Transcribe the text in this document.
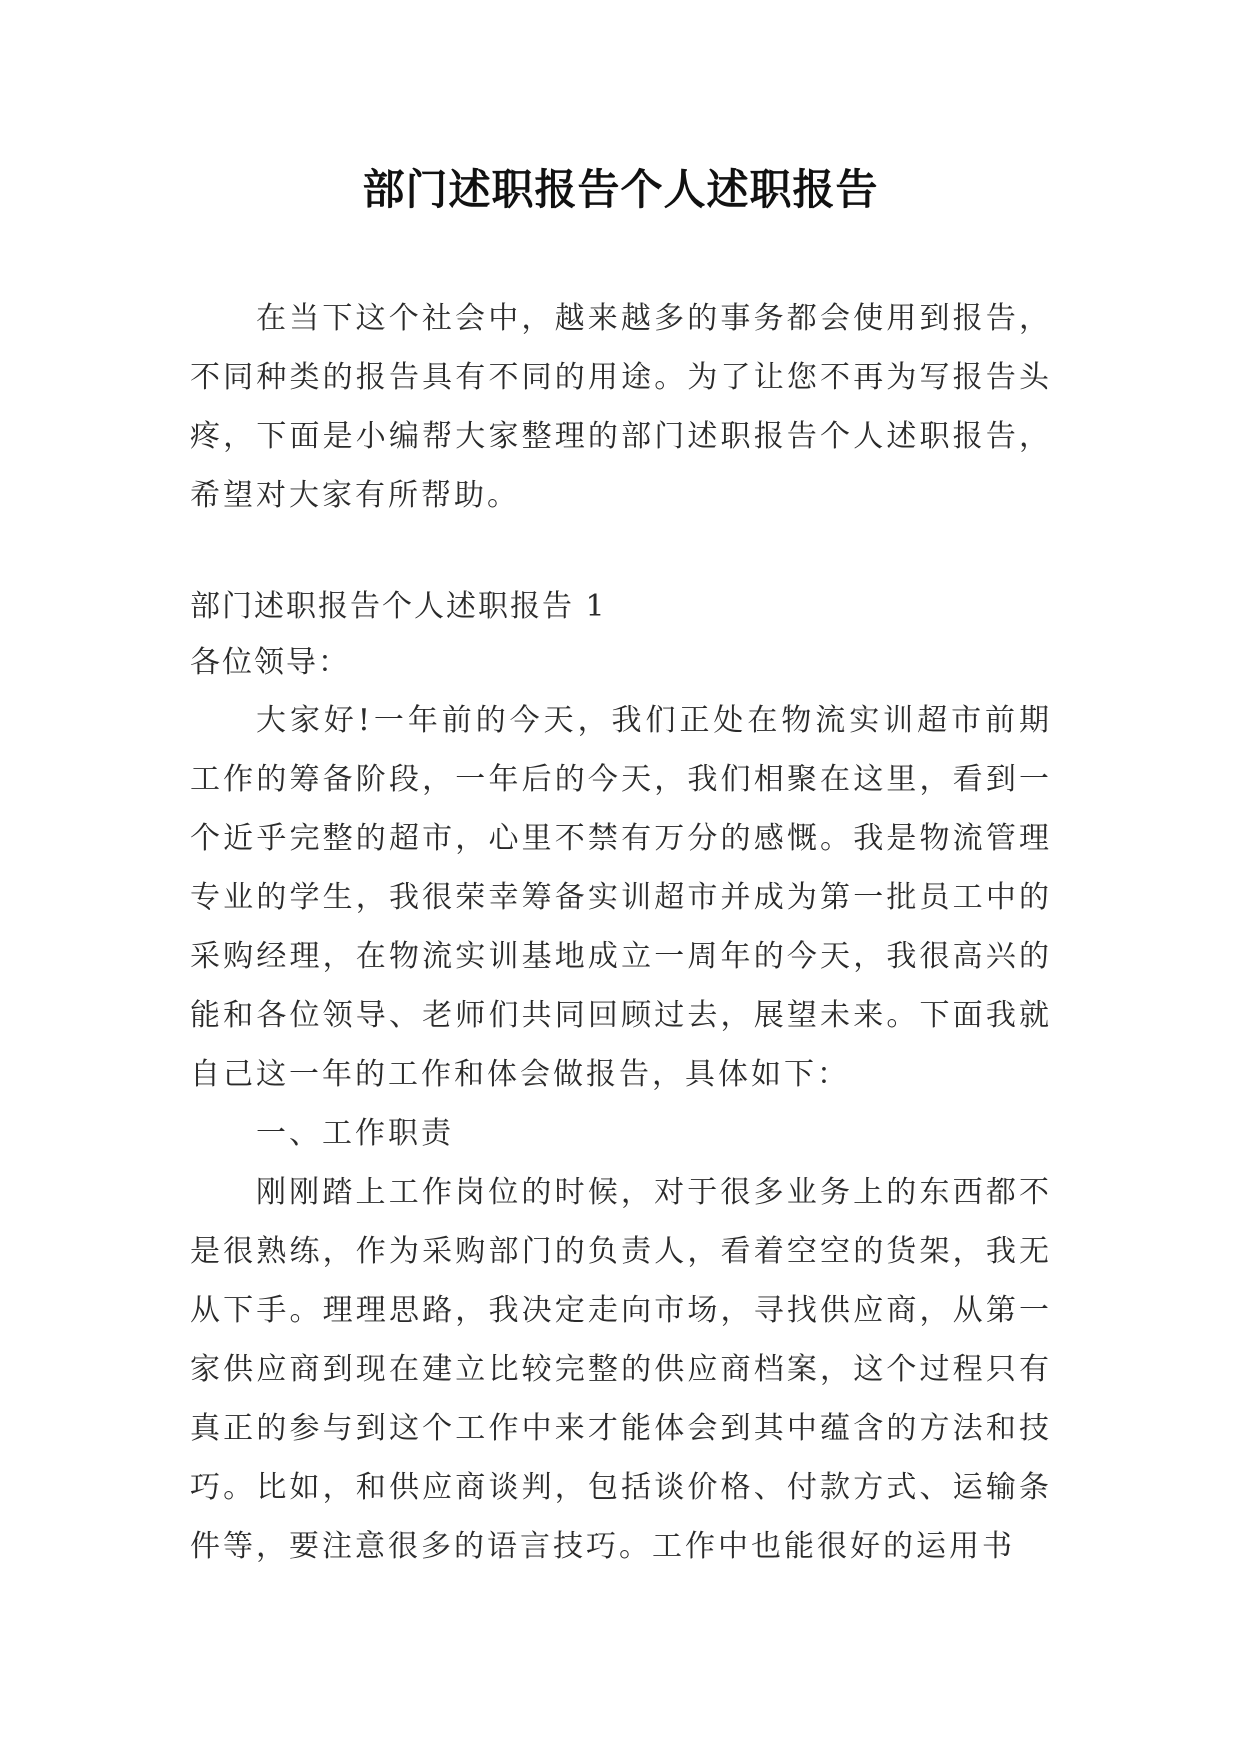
部门述职报告个人述职报告

在当下这个社会中，越来越多的事务都会使用到报告，不同种类的报告具有不同的用途。为了让您不再为写报告头疼，下面是小编帮大家整理的部门述职报告个人述职报告，希望对大家有所帮助。

部门述职报告个人述职报告 1

各位领导：

大家好!一年前的今天，我们正处在物流实训超市前期工作的筹备阶段，一年后的今天，我们相聚在这里，看到一个近乎完整的超市，心里不禁有万分的感慨。我是物流管理专业的学生，我很荣幸筹备实训超市并成为第一批员工中的采购经理，在物流实训基地成立一周年的今天，我很高兴的能和各位领导、老师们共同回顾过去，展望未来。下面我就自己这一年的工作和体会做报告，具体如下：

一、工作职责

刚刚踏上工作岗位的时候，对于很多业务上的东西都不是很熟练，作为采购部门的负责人，看着空空的货架，我无从下手。理理思路，我决定走向市场，寻找供应商，从第一家供应商到现在建立比较完整的供应商档案，这个过程只有真正的参与到这个工作中来才能体会到其中蕴含的方法和技巧。比如，和供应商谈判，包括谈价格、付款方式、运输条件等，要注意很多的语言技巧。工作中也能很好的运用书
